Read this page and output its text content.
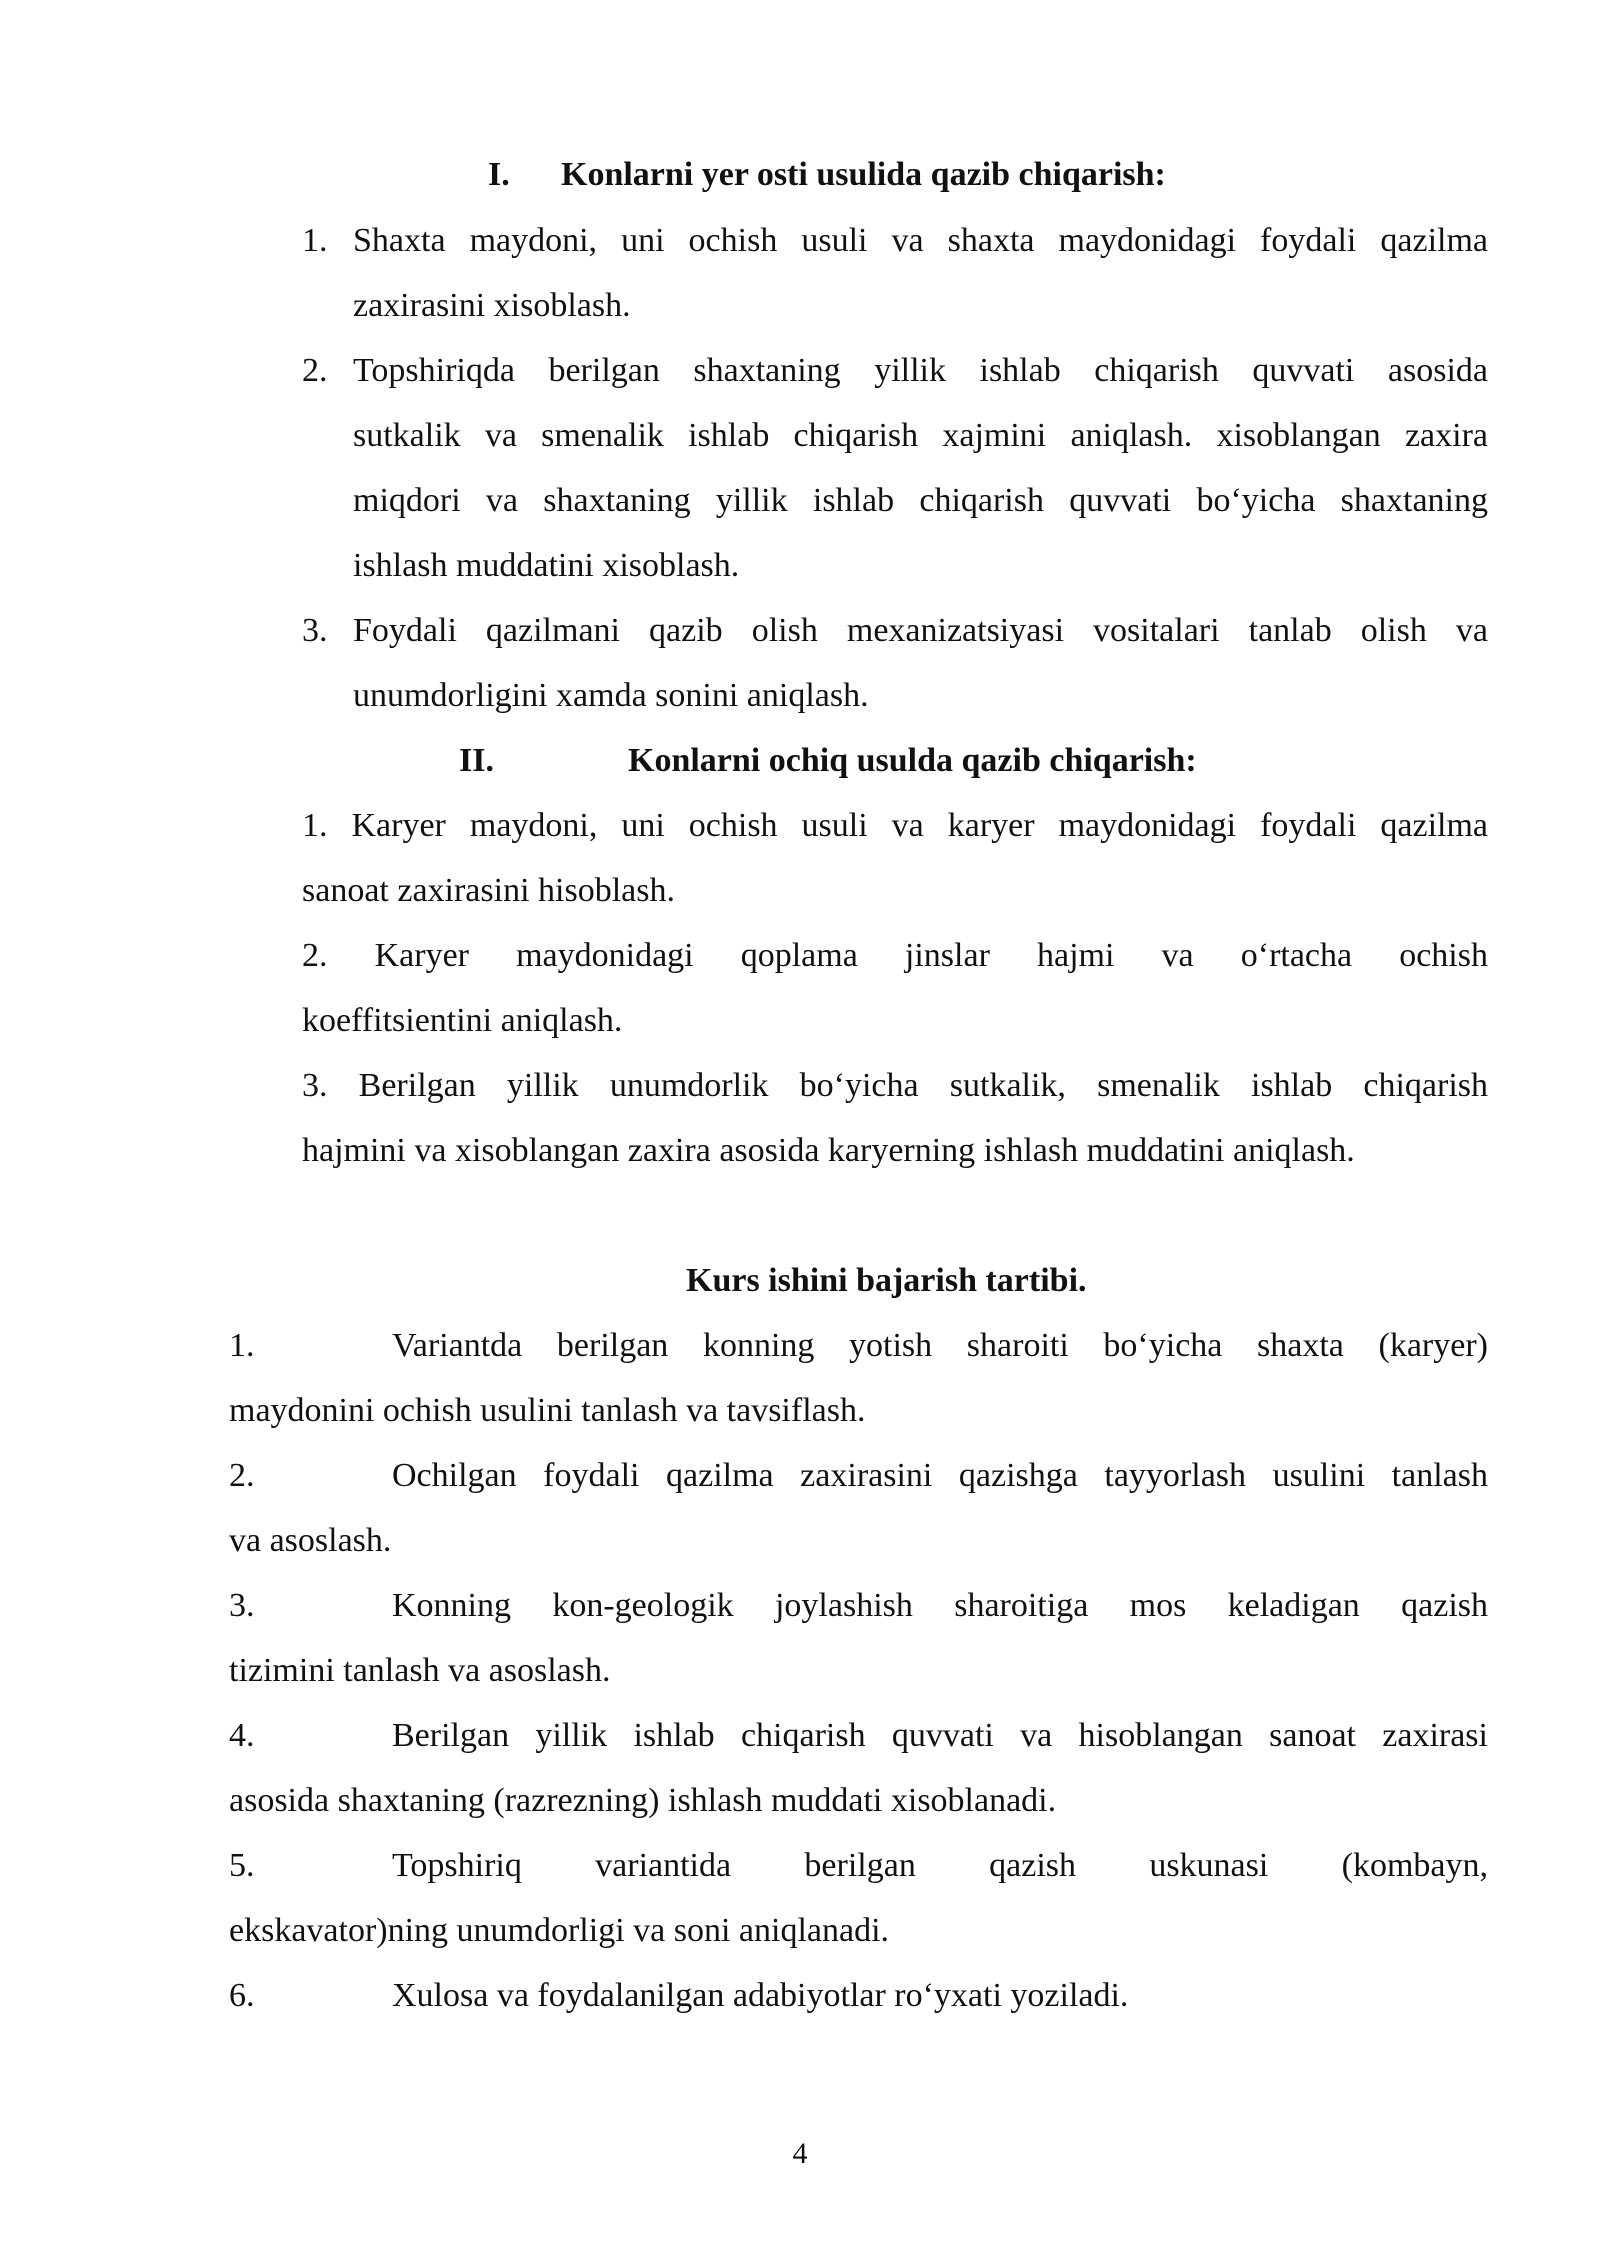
I. Konlarni yer osti usulida qazib chiqarish:
1. Shaxta maydoni, uni ochish usuli va shaxta maydonidagi foydali qazilma
zaxirasini xisoblash.
2. Topshiriqda berilgan shaxtaning yillik ishlab chiqarish quvvati asosida
sutkalik va smenalik ishlab chiqarish xajmini aniqlash. xisoblangan zaxira
miqdori va shaxtaning yillik ishlab chiqarish quvvati bo‘yicha shaxtaning
ishlash muddatini xisoblash.
3. Foydali qazilmani qazib olish mexanizatsiyasi vositalari tanlab olish va
unumdorligini xamda sonini aniqlash.
II.	Konlarni ochiq usulda qazib chiqarish:
1. Karyer maydoni, uni ochish usuli va karyer maydonidagi foydali qazilma
sanoat zaxirasini hisoblash.
2. Karyer maydonidagi qoplama jinslar hajmi va o‘rtacha ochish
koeffitsientini aniqlash.
3. Berilgan yillik unumdorlik bo‘yicha sutkalik, smenalik ishlab chiqarish
hajmini va xisoblangan zaxira asosida karyerning ishlash muddatini aniqlash.
Kurs ishini bajarish tartibi.
1.	Variantda berilgan konning yotish sharoiti bo‘yicha shaxta (karyer)
maydonini ochish usulini tanlash va tavsiflash.
2.	Ochilgan foydali qazilma zaxirasini qazishga tayyorlash usulini tanlash
va asoslash.
3.	Konning kon-geologik joylashish sharoitiga mos keladigan qazish
tizimini tanlash va asoslash.
4.	Berilgan yillik ishlab chiqarish quvvati va hisoblangan sanoat zaxirasi
asosida shaxtaning (razrezning) ishlash muddati xisoblanadi.
5.	Topshiriq variantida berilgan qazish uskunasi (kombayn,
ekskavator)ning unumdorligi va soni aniqlanadi.
6.	Xulosa va foydalanilgan adabiyotlar ro‘yxati yoziladi.
4
